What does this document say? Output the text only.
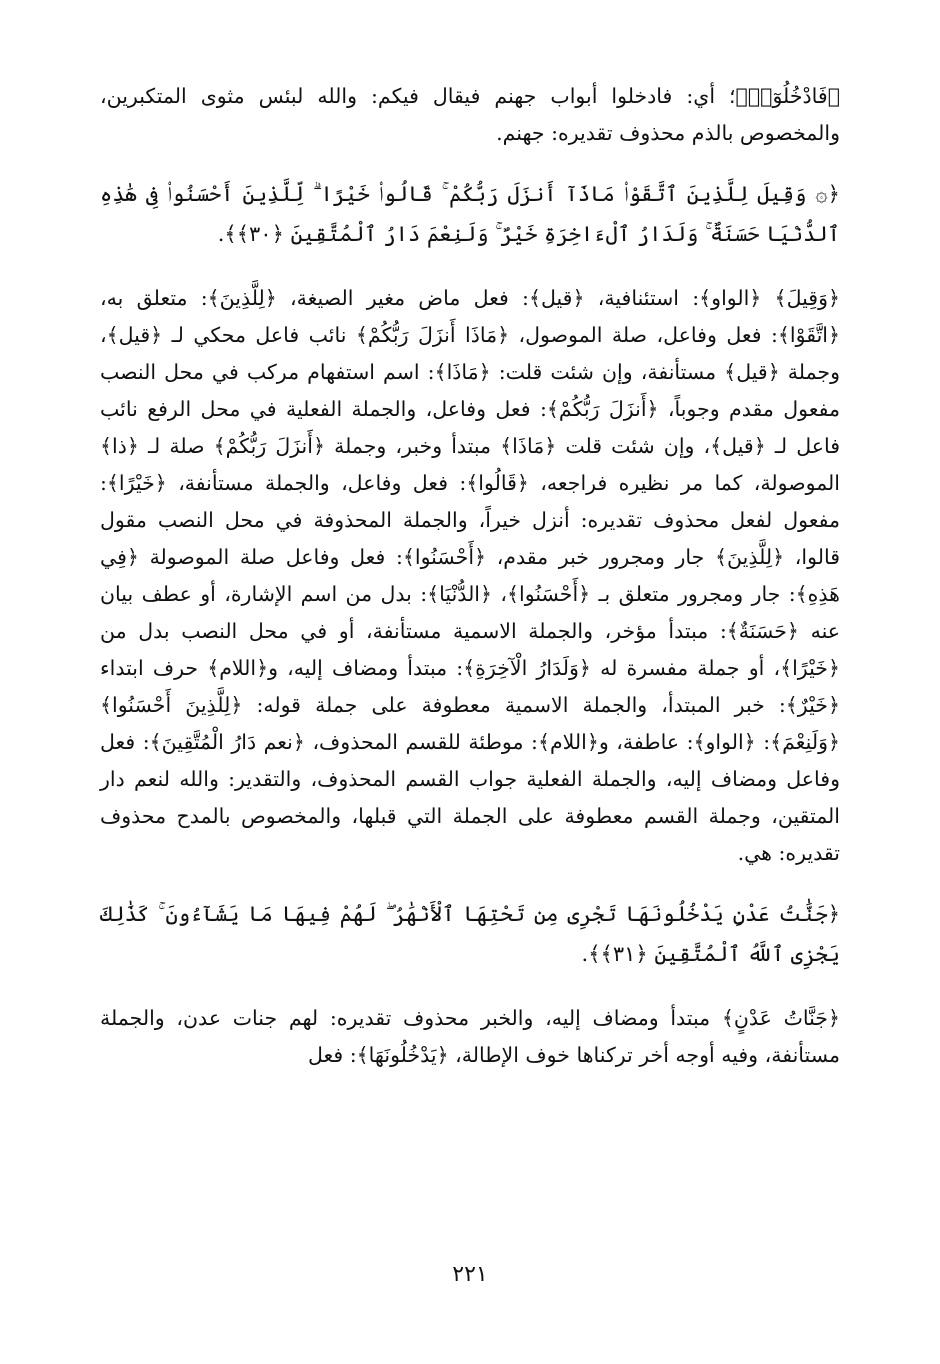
﴿فَادْخُلُوٓا۟﴾؛ أي: فادخلوا أبواب جهنم فيقال فيكم: والله لبئس مثوى المتكبرين، والمخصوص بالذم محذوف تقديره: جهنم.

﴿۞ وَقِيلَ لِلَّذِينَ ٱتَّقَوْا۟ مَاذَآ أَنزَلَ رَبُّكُمْ ۚ قَالُوا۟ خَيْرًا ۗ لِّلَّذِينَ أَحْسَنُوا۟ فِى هَٰذِهِ ٱلدُّنْيَا حَسَنَةٌ ۚ وَلَدَارُ ٱلْءَاخِرَةِ خَيْرٌ ۚ وَلَنِعْمَ دَارُ ٱلْمُتَّقِينَ ﴿٣٠﴾﴾.

﴿وَقِيلَ﴾ ﴿الواو﴾: استئنافية، ﴿قيل﴾: فعل ماض مغير الصيغة، ﴿لِلَّذِينَ﴾: متعلق به، ﴿اتَّقَوْا﴾: فعل وفاعل، صلة الموصول، ﴿مَاذَا أَنزَلَ رَبُّكُمْ﴾ نائب فاعل محكي لـ ﴿قيل﴾، وجملة ﴿قيل﴾ مستأنفة، وإن شئت قلت: ﴿مَاذَا﴾: اسم استفهام مركب في محل النصب مفعول مقدم وجوباً، ﴿أَنزَلَ رَبُّكُمْ﴾: فعل وفاعل، والجملة الفعلية في محل الرفع نائب فاعل لـ ﴿قيل﴾، وإن شئت قلت ﴿مَاذَا﴾ مبتدأ وخبر، وجملة ﴿أَنزَلَ رَبُّكُمْ﴾ صلة لـ ﴿ذا﴾ الموصولة، كما مر نظيره فراجعه، ﴿قَالُوا﴾: فعل وفاعل، والجملة مستأنفة، ﴿خَيْرًا﴾: مفعول لفعل محذوف تقديره: أنزل خيراً، والجملة المحذوفة في محل النصب مقول قالوا، ﴿لِلَّذِينَ﴾ جار ومجرور خبر مقدم، ﴿أَحْسَنُوا﴾: فعل وفاعل صلة الموصولة ﴿فِي هَذِهِ﴾: جار ومجرور متعلق بـ ﴿أَحْسَنُوا﴾، ﴿الدُّنْيَا﴾: بدل من اسم الإشارة، أو عطف بيان عنه ﴿حَسَنَةٌ﴾: مبتدأ مؤخر، والجملة الاسمية مستأنفة، أو في محل النصب بدل من ﴿خَيْرًا﴾، أو جملة مفسرة له ﴿وَلَدَارُ الْآخِرَةِ﴾: مبتدأ ومضاف إليه، و﴿اللام﴾ حرف ابتداء ﴿خَيْرٌ﴾: خبر المبتدأ، والجملة الاسمية معطوفة على جملة قوله: ﴿لِلَّذِينَ أَحْسَنُوا﴾ ﴿وَلَنِعْمَ﴾: ﴿الواو﴾: عاطفة، و﴿اللام﴾: موطئة للقسم المحذوف، ﴿نعم دَارُ الْمُتَّقِينَ﴾: فعل وفاعل ومضاف إليه، والجملة الفعلية جواب القسم المحذوف، والتقدير: والله لنعم دار المتقين، وجملة القسم معطوفة على الجملة التي قبلها، والمخصوص بالمدح محذوف تقديره: هي.

﴿جَنَّٰتُ عَدْنٍ يَدْخُلُونَهَا تَجْرِى مِن تَحْتِهَا ٱلْأَنْهَٰرُ ۖ لَهُمْ فِيهَا مَا يَشَآءُونَ ۚ كَذَٰلِكَ يَجْزِى ٱللَّهُ ٱلْمُتَّقِينَ ﴿٣١﴾﴾.

﴿جَنَّاتُ عَدْنٍ﴾ مبتدأ ومضاف إليه، والخبر محذوف تقديره: لهم جنات عدن، والجملة مستأنفة، وفيه أوجه أخر تركناها خوف الإطالة، ﴿يَدْخُلُونَهَا﴾: فعل

٢٢١
